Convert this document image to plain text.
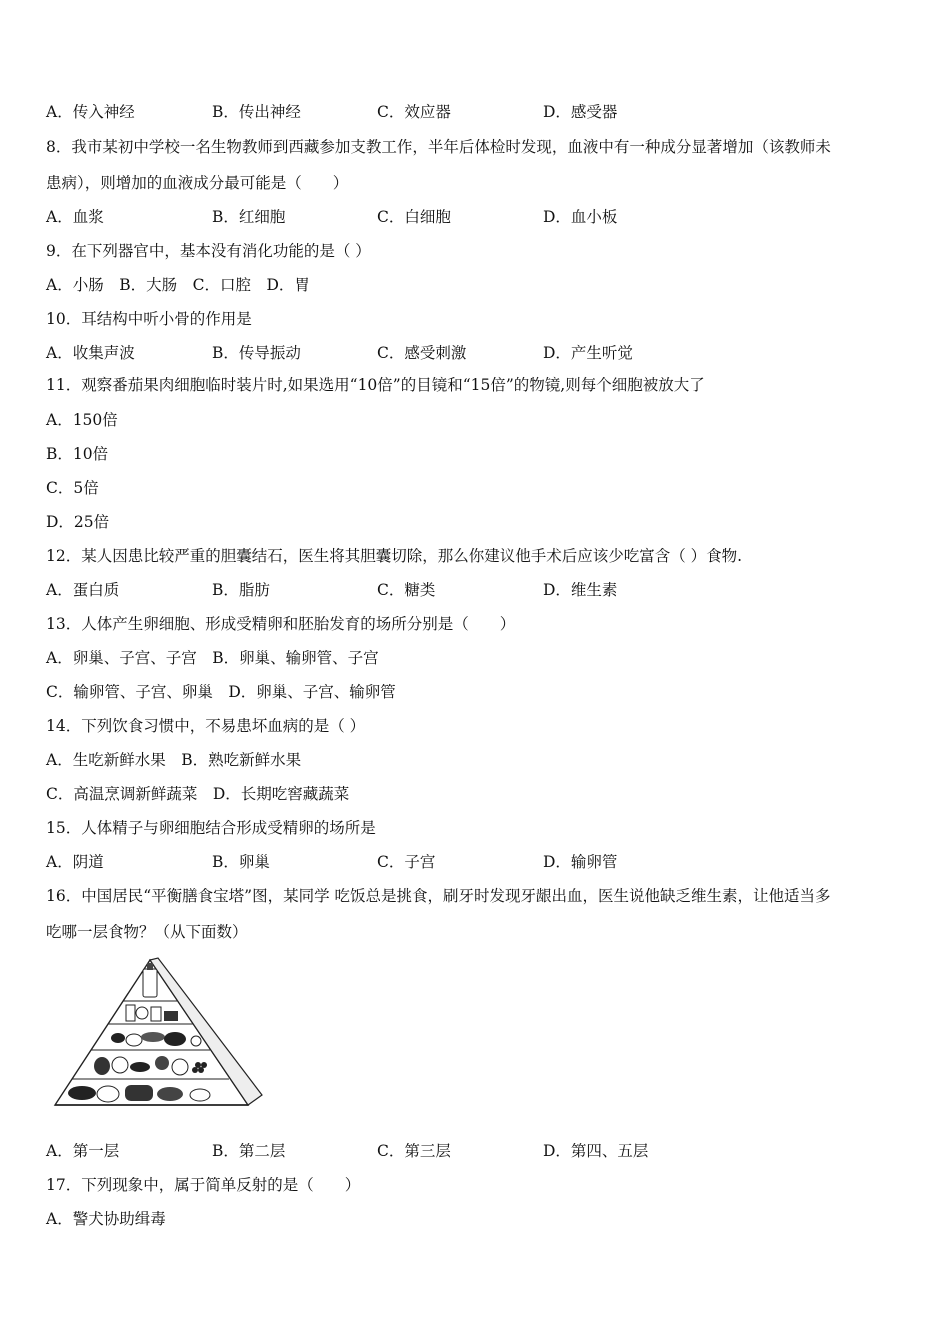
A．传入神经	B．传出神经	C．效应器	D．感受器
8．我市某初中学校一名生物教师到西藏参加支教工作，半年后体检时发现，血液中有一种成分显著增加（该教师未
患病），则增加的血液成分最可能是（　　）
A．血浆	B．红细胞	C．白细胞	D．血小板
9．在下列器官中，基本没有消化功能的是（ ）
A．小肠　B．大肠　C．口腔　D．胃
10．耳结构中听小骨的作用是
A．收集声波	B．传导振动	C．感受刺激	D．产生听觉
11．观察番茄果肉细胞临时装片时,如果选用“10倍”的目镜和“15倍”的物镜,则每个细胞被放大了
A．150倍
B．10倍
C．5倍
D．25倍
12．某人因患比较严重的胆囊结石，医生将其胆囊切除，那么你建议他手术后应该少吃富含（ ）食物.
A．蛋白质	B．脂肪	C．糖类	D．维生素
13．人体产生卵细胞、形成受精卵和胚胎发育的场所分别是（　　）
A．卵巢、子宫、子宫　B．卵巢、输卵管、子宫
C．输卵管、子宫、卵巢　D．卵巢、子宫、输卵管
14．下列饮食习惯中，不易患坏血病的是（ ）
A．生吃新鲜水果　B．熟吃新鲜水果
C．高温烹调新鲜蔬菜　D．长期吃窖藏蔬菜
15．人体精子与卵细胞结合形成受精卵的场所是
A．阴道	B．卵巢	C．子宫	D．输卵管
16．中国居民“平衡膳食宝塔”图，某同学 吃饭总是挑食，刷牙时发现牙龈出血，医生说他缺乏维生素，让他适当多
吃哪一层食物？（从下面数）
A．第一层	B．第二层	C．第三层	D．第四、五层
17．下列现象中，属于简单反射的是（　　）
A．警犬协助缉毒
